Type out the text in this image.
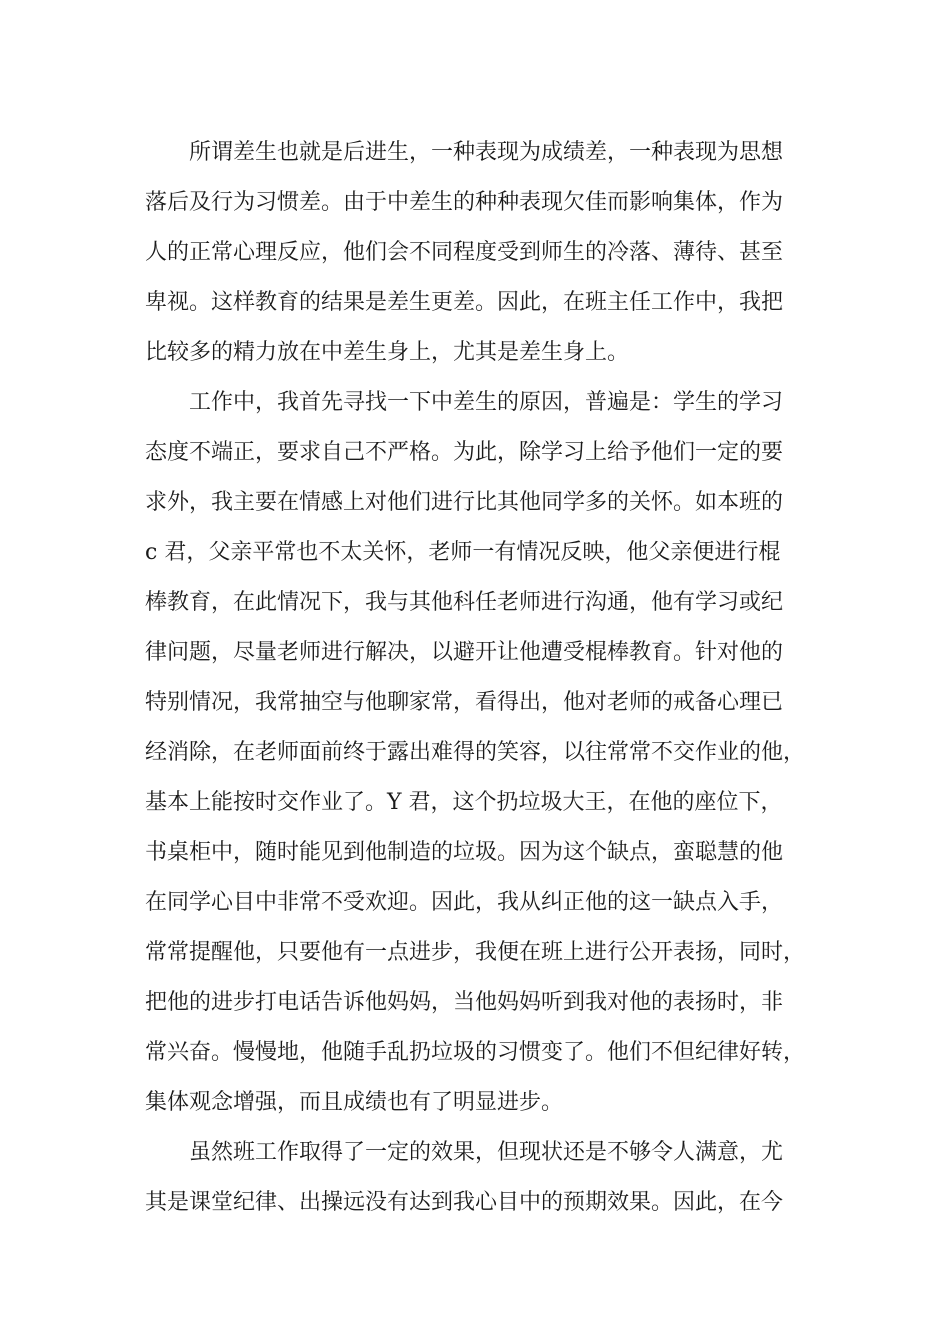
所谓差生也就是后进生，一种表现为成绩差，一种表现为思想
落后及行为习惯差。由于中差生的种种表现欠佳而影响集体，作为
人的正常心理反应，他们会不同程度受到师生的冷落、薄待、甚至
卑视。这样教育的结果是差生更差。因此，在班主任工作中，我把
比较多的精力放在中差生身上，尤其是差生身上。
工作中，我首先寻找一下中差生的原因，普遍是：学生的学习
态度不端正，要求自己不严格。为此，除学习上给予他们一定的要
求外，我主要在情感上对他们进行比其他同学多的关怀。如本班的
c 君，父亲平常也不太关怀，老师一有情况反映，他父亲便进行棍
棒教育，在此情况下，我与其他科任老师进行沟通，他有学习或纪
律问题，尽量老师进行解决，以避开让他遭受棍棒教育。针对他的
特别情况，我常抽空与他聊家常，看得出，他对老师的戒备心理已
经消除，在老师面前终于露出难得的笑容，以往常常不交作业的他，
基本上能按时交作业了。Y 君，这个扔垃圾大王，在他的座位下，
书桌柜中，随时能见到他制造的垃圾。因为这个缺点，蛮聪慧的他
在同学心目中非常不受欢迎。因此，我从纠正他的这一缺点入手，
常常提醒他，只要他有一点进步，我便在班上进行公开表扬，同时，
把他的进步打电话告诉他妈妈，当他妈妈听到我对他的表扬时，非
常兴奋。慢慢地，他随手乱扔垃圾的习惯变了。他们不但纪律好转，
集体观念增强，而且成绩也有了明显进步。
虽然班工作取得了一定的效果，但现状还是不够令人满意，尤
其是课堂纪律、出操远没有达到我心目中的预期效果。因此，在今
